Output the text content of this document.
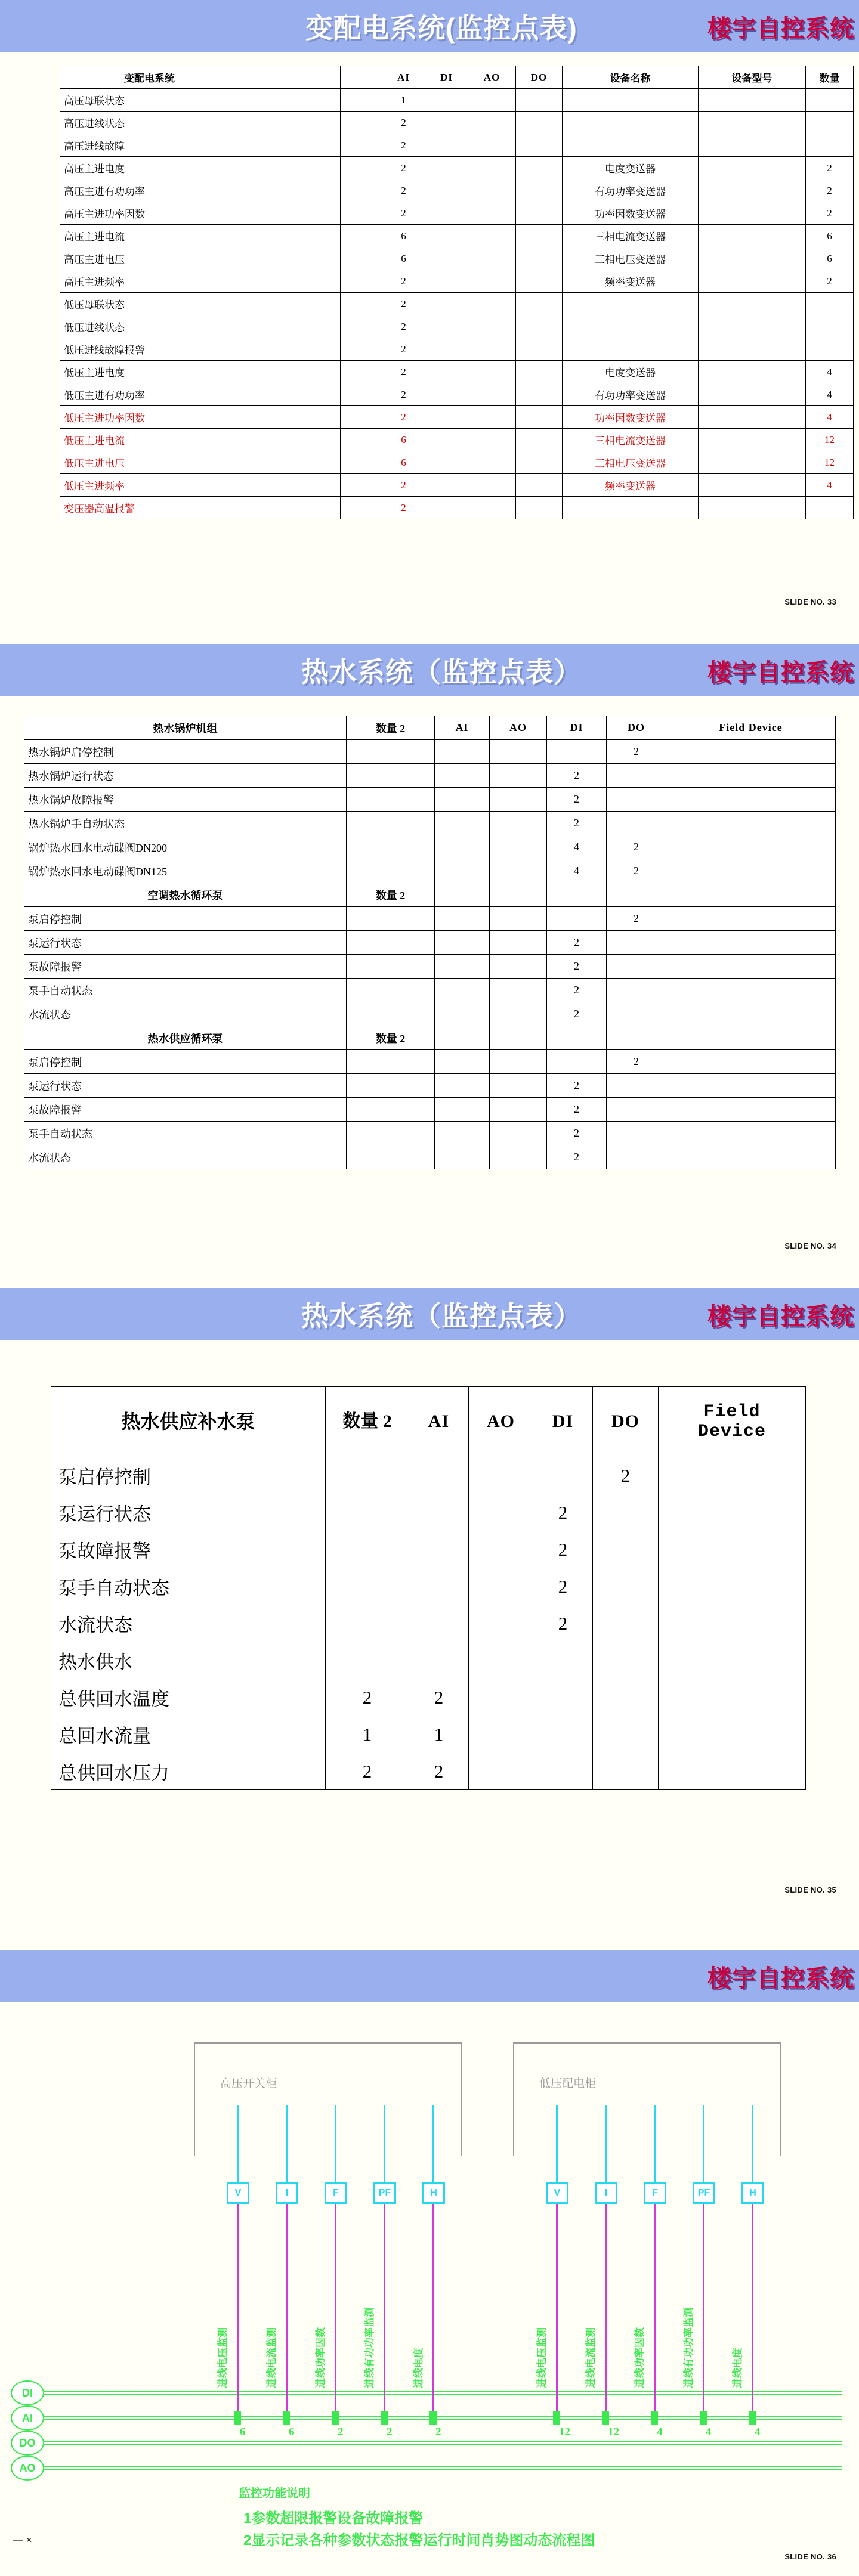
变配电系统(监控点表)	楼宇自控系统
变配电系统			AI	DI	AO	DO	设备名称	设备型号	数量
高压母联状态			1						
高压进线状态			2						
高压进线故障			2						
高压主进电度			2				电度变送器		2
高压主进有功功率			2				有功功率变送器		2
高压主进功率因数			2				功率因数变送器		2
高压主进电流			6				三相电流变送器		6
高压主进电压			6				三相电压变送器		6
高压主进频率			2				频率变送器		2
低压母联状态			2						
低压进线状态			2						
低压进线故障报警			2						
低压主进电度			2				电度变送器		4
低压主进有功功率			2				有功功率变送器		4
低压主进功率因数			2				功率因数变送器		4
低压主进电流			6				三相电流变送器		12
低压主进电压			6				三相电压变送器		12
低压主进频率			2				频率变送器		4
变压器高温报警			2						
SLIDE NO. 33
热水系统（监控点表）	楼宇自控系统
热水锅炉机组	数量 2	AI	AO	DI	DO	Field Device
热水锅炉启停控制					2	
热水锅炉运行状态				2		
热水锅炉故障报警				2		
热水锅炉手自动状态				2		
锅炉热水回水电动碟阀DN200				4	2	
锅炉热水回水电动碟阀DN125				4	2	
空调热水循环泵	数量 2					
泵启停控制					2	
泵运行状态				2		
泵故障报警				2		
泵手自动状态				2		
水流状态				2		
热水供应循环泵	数量 2					
泵启停控制					2	
泵运行状态				2		
泵故障报警				2		
泵手自动状态				2		
水流状态				2		
SLIDE NO. 34
热水系统（监控点表）	楼宇自控系统
热水供应补水泵	数量 2	AI	AO	DI	DO	Field Device
泵启停控制					2	
泵运行状态				2		
泵故障报警				2		
泵手自动状态				2		
水流状态				2		
热水供水						
总供回水温度	2	2				
总回水流量	1	1				
总供回水压力	2	2				
SLIDE NO. 35
楼宇自控系统
高压开关柜	低压配电柜
DI
AI
DO
AO
V
进线电压监测
6
I
进线电流监测
6
F
进线功率因数
2
PF
进线有功功率监测
2
H
进线电度
2
V
进线电压监测
12
I
进线电流监测
12
F
进线功率因数
4
PF
进线有功功率监测
4
H
进线电度
4
监控功能说明
1参数超限报警设备故障报警
2显示记录各种参数状态报警运行时间肖势图动态流程图
— ×
SLIDE NO. 36
